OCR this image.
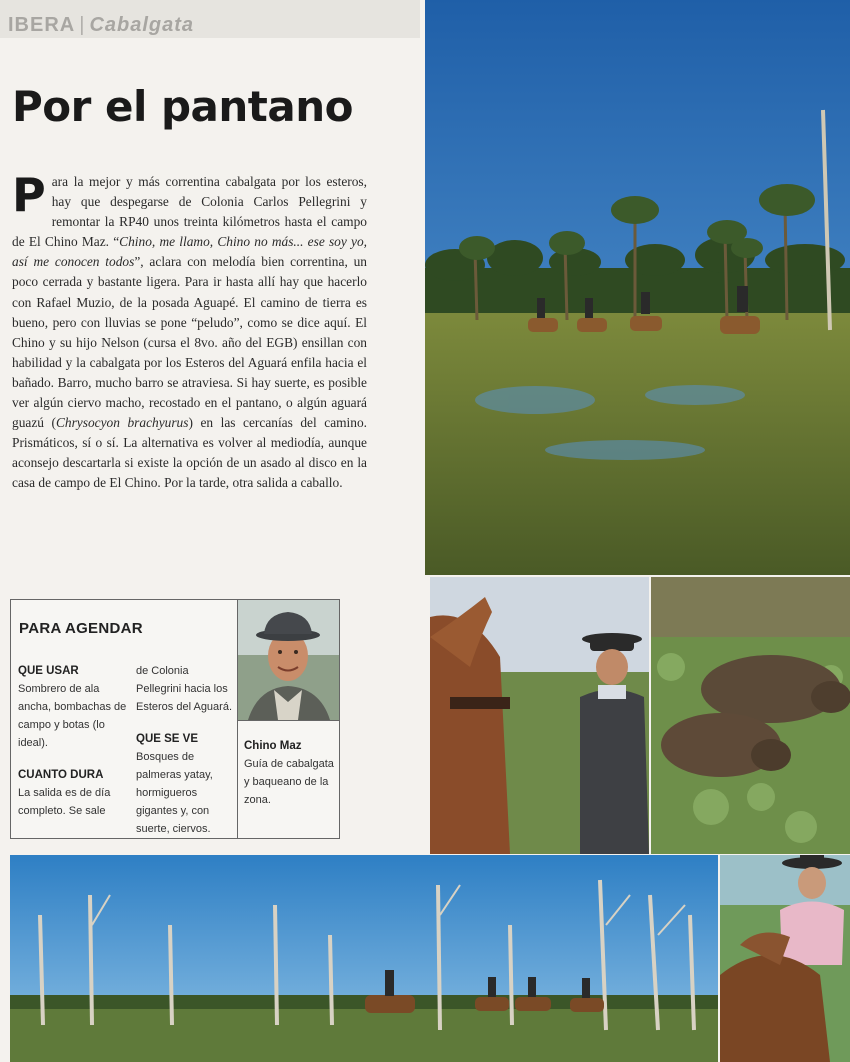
IBERA | Cabalgata
Por el pantano
Para la mejor y más correntina cabalgata por los esteros, hay que despegarse de Colonia Carlos Pellegrini y remontar la RP40 unos treinta kilómetros hasta el campo de El Chino Maz. “Chino, me llamo, Chino no más... ese soy yo, así me conocen todos”, aclara con melodía bien correntina, un poco cerrada y bastante ligera. Para ir hasta allí hay que hacerlo con Rafael Muzio, de la posada Aguapé. El camino de tierra es bueno, pero con lluvias se pone “peludo”, como se dice aquí. El Chino y su hijo Nelson (cursa el 8vo. año del EGB) ensillan con habilidad y la cabalgata por los Esteros del Aguará enfila hacia el bañado. Barro, mucho barro se atraviesa. Si hay suerte, es posible ver algún ciervo macho, recostado en el pantano, o algún aguará guazú (Chrysocyon brachyurus) en las cercanías del camino. Prismáticos, sí o sí. La alternativa es volver al mediodía, aunque aconsejo descartarla si existe la opción de un asado al disco en la casa de campo de El Chino. Por la tarde, otra salida a caballo.
PARA AGENDAR
QUE USAR
Sombrero de ala ancha, bombachas de campo y botas (lo ideal).
CUANTO DURA
La salida es de día completo. Se sale
de Colonia Pellegrini hacia los Esteros del Aguará.
QUE SE VE
Bosques de palmeras yatay, hormigueros gigantes y, con suerte, ciervos.
Chino Maz
Guía de cabalgata y baqueano de la zona.
